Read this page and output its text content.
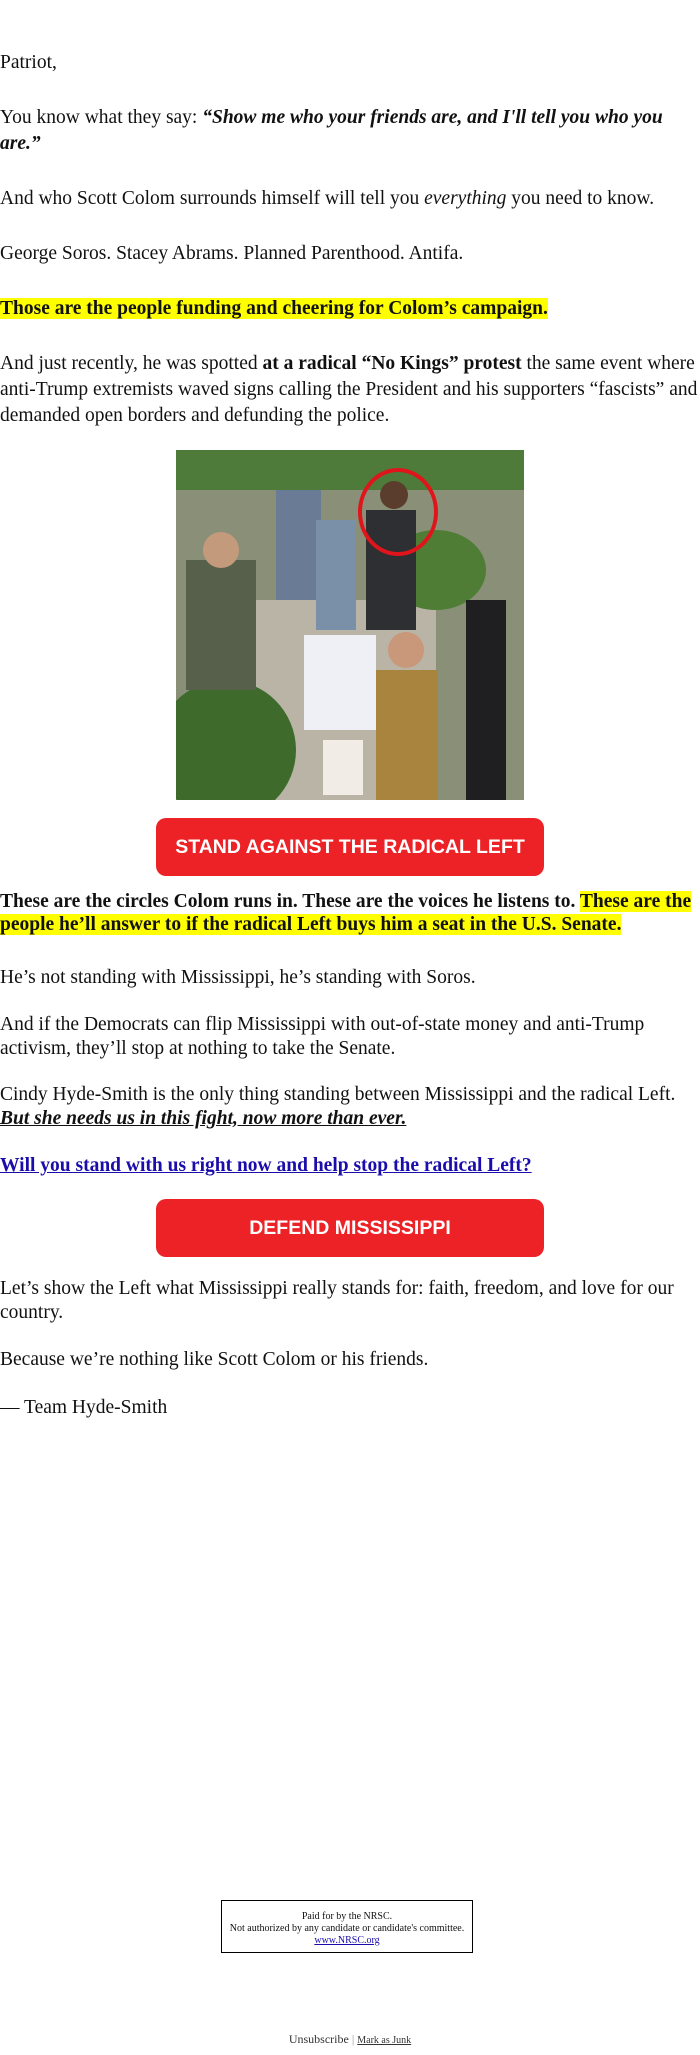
Patriot,

You know what they say: “Show me who your friends are, and I'll tell you who you are.”

And who Scott Colom surrounds himself will tell you everything you need to know.

George Soros. Stacey Abrams. Planned Parenthood. Antifa.

Those are the people funding and cheering for Colom’s campaign.

And just recently, he was spotted at a radical “No Kings” protest the same event where anti-Trump extremists waved signs calling the President and his supporters “fascists” and demanded open borders and defunding the police.

STAND AGAINST THE RADICAL LEFT

These are the circles Colom runs in. These are the voices he listens to. These are the people he’ll answer to if the radical Left buys him a seat in the U.S. Senate.

He’s not standing with Mississippi, he’s standing with Soros.

And if the Democrats can flip Mississippi with out-of-state money and anti-Trump activism, they’ll stop at nothing to take the Senate.

Cindy Hyde-Smith is the only thing standing between Mississippi and the radical Left. But she needs us in this fight, now more than ever.

Will you stand with us right now and help stop the radical Left?

DEFEND MISSISSIPPI

Let’s show the Left what Mississippi really stands for: faith, freedom, and love for our country.

Because we’re nothing like Scott Colom or his friends.

— Team Hyde-Smith

Paid for by the NRSC.
Not authorized by any candidate or candidate's committee.
www.NRSC.org
Unsubscribe | Mark as Junk
